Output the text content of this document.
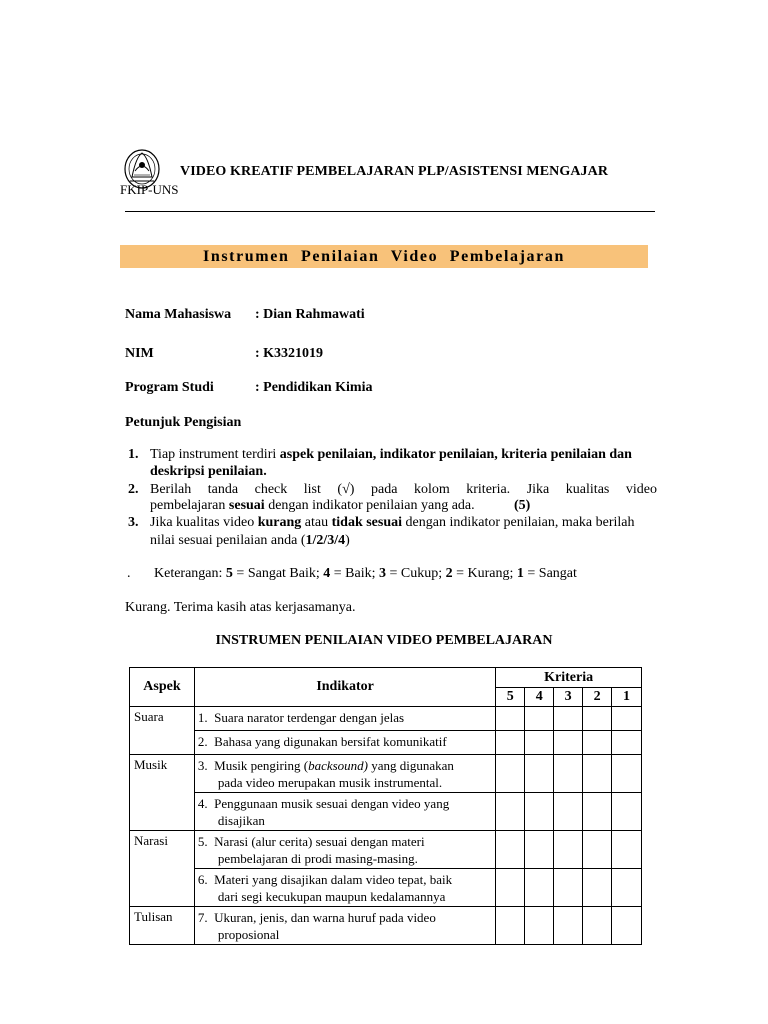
FKIP-UNS
VIDEO KREATIF PEMBELAJARAN PLP/ASISTENSI MENGAJAR
Instrumen Penilaian Video Pembelajaran
Nama Mahasiswa : Dian Rahmawati
NIM	: K3321019
Program Studi	: Pendidikan Kimia
Petunjuk Pengisian
1. Tiap instrument terdiri aspek penilaian, indikator penilaian, kriteria penilaian dan
deskripsi penilaian.
2. Berilah tanda check list (√) pada kolom kriteria. Jika kualitas video
pembelajaran sesuai dengan indikator penilaian yang ada.	(5)
3. Jika kualitas video kurang atau tidak sesuai dengan indikator penilaian, maka berilah
nilai sesuai penilaian anda (1/2/3/4)
. Keterangan: 5 = Sangat Baik; 4 = Baik; 3 = Cukup; 2 = Kurang; 1 = Sangat
Kurang. Terima kasih atas kerjasamanya.
INSTRUMEN PENILAIAN VIDEO PEMBELAJARAN
Aspek	Indikator	Kriteria				
		5	4	3	2	1
Suara	1. Suara narator terdengar dengan jelas					
	2. Bahasa yang digunakan bersifat komunikatif					
Musik	3. Musik pengiring (backsound) yang digunakan
pada video merupakan musik instrumental.					

	4. Penggunaan musik sesuai dengan video yang
disajikan					

Narasi	5. Narasi (alur cerita) sesuai dengan materi
pembelajaran di prodi masing-masing.					

	6. Materi yang disajikan dalam video tepat, baik
dari segi kecukupan maupun kedalamannya					

Tulisan	7. Ukuran, jenis, dan warna huruf pada video
proposional					
